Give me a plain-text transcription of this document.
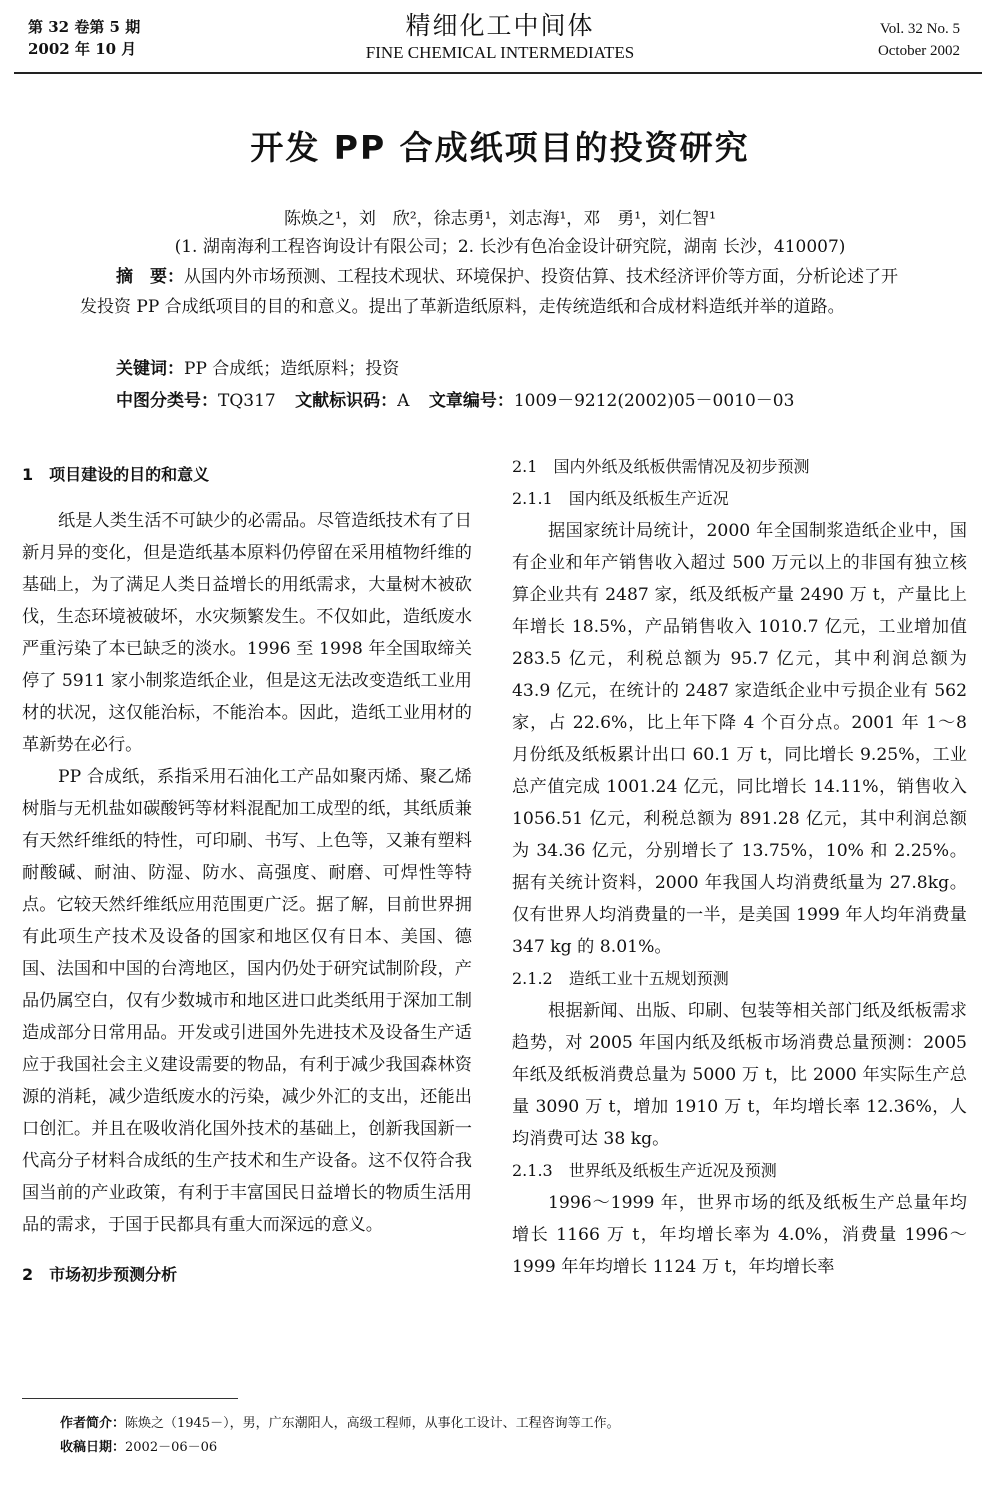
第 32 卷第 5 期
2002 年 10 月
精细化工中间体
FINE CHEMICAL INTERMEDIATES
Vol. 32 No. 5
October 2002
开发 PP 合成纸项目的投资研究
陈焕之¹，刘　欣²，徐志勇¹，刘志海¹，邓　勇¹，刘仁智¹
(1. 湖南海利工程咨询设计有限公司；2. 长沙有色冶金设计研究院，湖南 长沙，410007)
摘　要：从国内外市场预测、工程技术现状、环境保护、投资估算、技术经济评价等方面，分析论述了开发投资 PP 合成纸项目的目的和意义。提出了革新造纸原料，走传统造纸和合成材料造纸并举的道路。
关键词：PP 合成纸；造纸原料；投资
中图分类号：TQ317 文献标识码：A 文章编号：1009－9212(2002)05－0010－03
1　项目建设的目的和意义

纸是人类生活不可缺少的必需品。尽管造纸技术有了日新月异的变化，但是造纸基本原料仍停留在采用植物纤维的基础上，为了满足人类日益增长的用纸需求，大量树木被砍伐，生态环境被破坏，水灾频繁发生。不仅如此，造纸废水严重污染了本已缺乏的淡水。1996 至 1998 年全国取缔关停了 5911 家小制浆造纸企业，但是这无法改变造纸工业用材的状况，这仅能治标，不能治本。因此，造纸工业用材的革新势在必行。

PP 合成纸，系指采用石油化工产品如聚丙烯、聚乙烯树脂与无机盐如碳酸钙等材料混配加工成型的纸，其纸质兼有天然纤维纸的特性，可印刷、书写、上色等，又兼有塑料耐酸碱、耐油、防湿、防水、高强度、耐磨、可焊性等特点。它较天然纤维纸应用范围更广泛。据了解，目前世界拥有此项生产技术及设备的国家和地区仅有日本、美国、德国、法国和中国的台湾地区，国内仍处于研究试制阶段，产品仍属空白，仅有少数城市和地区进口此类纸用于深加工制造成部分日常用品。开发或引进国外先进技术及设备生产适应于我国社会主义建设需要的物品，有利于减少我国森林资源的消耗，减少造纸废水的污染，减少外汇的支出，还能出口创汇。并且在吸收消化国外技术的基础上，创新我国新一代高分子材料合成纸的生产技术和生产设备。这不仅符合我国当前的产业政策，有利于丰富国民日益增长的物质生活用品的需求，于国于民都具有重大而深远的意义。

2　市场初步预测分析
2.1　国内外纸及纸板供需情况及初步预测
2.1.1　国内纸及纸板生产近况

据国家统计局统计，2000 年全国制浆造纸企业中，国有企业和年产销售收入超过 500 万元以上的非国有独立核算企业共有 2487 家，纸及纸板产量 2490 万 t，产量比上年增长 18.5%，产品销售收入 1010.7 亿元，工业增加值 283.5 亿元，利税总额为 95.7 亿元，其中利润总额为 43.9 亿元，在统计的 2487 家造纸企业中亏损企业有 562 家，占 22.6%，比上年下降 4 个百分点。2001 年 1～8 月份纸及纸板累计出口 60.1 万 t，同比增长 9.25%，工业总产值完成 1001.24 亿元，同比增长 14.11%，销售收入 1056.51 亿元，利税总额为 891.28 亿元，其中利润总额为 34.36 亿元，分别增长了 13.75%，10% 和 2.25%。据有关统计资料，2000 年我国人均消费纸量为 27.8kg。仅有世界人均消费量的一半，是美国 1999 年人均年消费量 347 kg 的 8.01%。

2.1.2　造纸工业十五规划预测

根据新闻、出版、印刷、包装等相关部门纸及纸板需求趋势，对 2005 年国内纸及纸板市场消费总量预测：2005 年纸及纸板消费总量为 5000 万 t，比 2000 年实际生产总量 3090 万 t，增加 1910 万 t，年均增长率 12.36%，人均消费可达 38 kg。

2.1.3　世界纸及纸板生产近况及预测

1996～1999 年，世界市场的纸及纸板生产总量年均增长 1166 万 t，年均增长率为 4.0%，消费量 1996～1999 年年均增长 1124 万 t，年均增长率

作者简介：陈焕之（1945－），男，广东潮阳人，高级工程师，从事化工设计、工程咨询等工作。
收稿日期：2002－06－06
